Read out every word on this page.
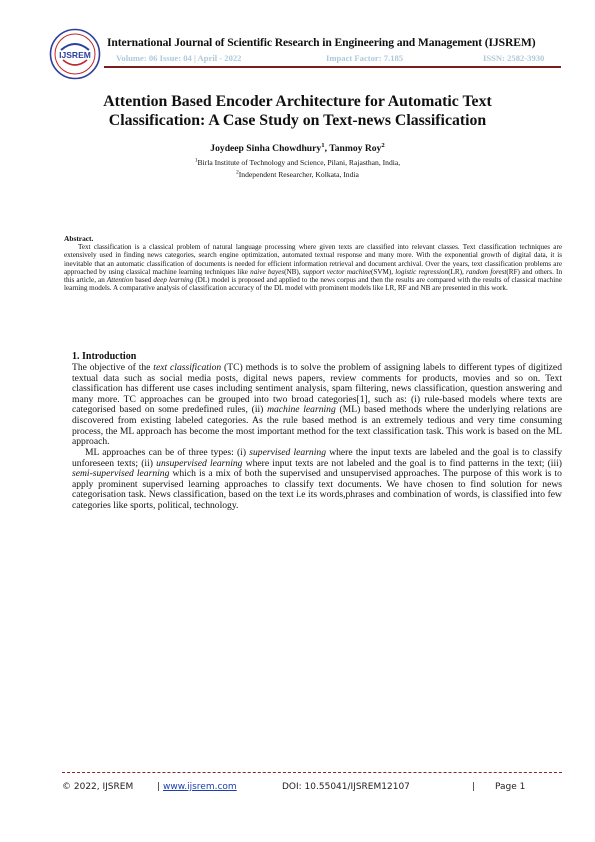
IJSREM
International Journal of Scientific Research in Engineering and Management (IJSREM)
Volume: 06 Issue: 04 | April - 2022	Impact Factor: 7.185	ISSN: 2582-3930
Attention Based Encoder Architecture for Automatic Text
Classification: A Case Study on Text-news Classification
Joydeep Sinha Chowdhury$^1$, Tanmoy Roy$^2$
$^1$Birla Institute of Technology and Science, Pilani, Rajasthan, India,
$^2$Independent Researcher, Kolkata, India
Abstract.

Text classification is a classical problem of natural language processing where given texts are classified into relevant classes. Text classification techniques are extensively used in finding news categories, search engine optimization, automated textual response and many more. With the exponential growth of digital data, it is inevitable that an automatic classification of documents is needed for efficient information retrieval and document archival. Over the years, text classification problems are approached by using classical machine learning techniques like naive bayes(NB), support vector machine(SVM), logistic regression(LR), random forest(RF) and others. In this article, an Attention based deep learning (DL) model is proposed and applied to the news corpus and then the results are compared with the results of classical machine learning models. A comparative analysis of classification accuracy of the DL model with prominent models like LR, RF and NB are presented in this work.

1. Introduction

The objective of the text classification (TC) methods is to solve the problem of assigning labels to different types of digitized textual data such as social media posts, digital news papers, review comments for products, movies and so on. Text classification has different use cases including sentiment analysis, spam filtering, news classification, question answering and many more. TC approaches can be grouped into two broad categories[1], such as: (i) rule-based models where texts are categorised based on some predefined rules, (ii) machine learning (ML) based methods where the underlying relations are discovered from existing labeled categories. As the rule based method is an extremely tedious and very time consuming process, the ML approach has become the most important method for the text classification task. This work is based on the ML approach.

ML approaches can be of three types: (i) supervised learning where the input texts are labeled and the goal is to classify unforeseen texts; (ii) unsupervised learning where input texts are not labeled and the goal is to find patterns in the text; (iii) semi-supervised learning which is a mix of both the supervised and unsupervised approaches. The purpose of this work is to apply prominent supervised learning approaches to classify text documents. We have chosen to find solution for news categorisation task. News classification, based on the text i.e its words,phrases and combination of words, is classified into few categories like sports, political, technology.

© 2022, IJSREM	| www.ijsrem.com	DOI: 10.55041/IJSREM12107	| Page 1
